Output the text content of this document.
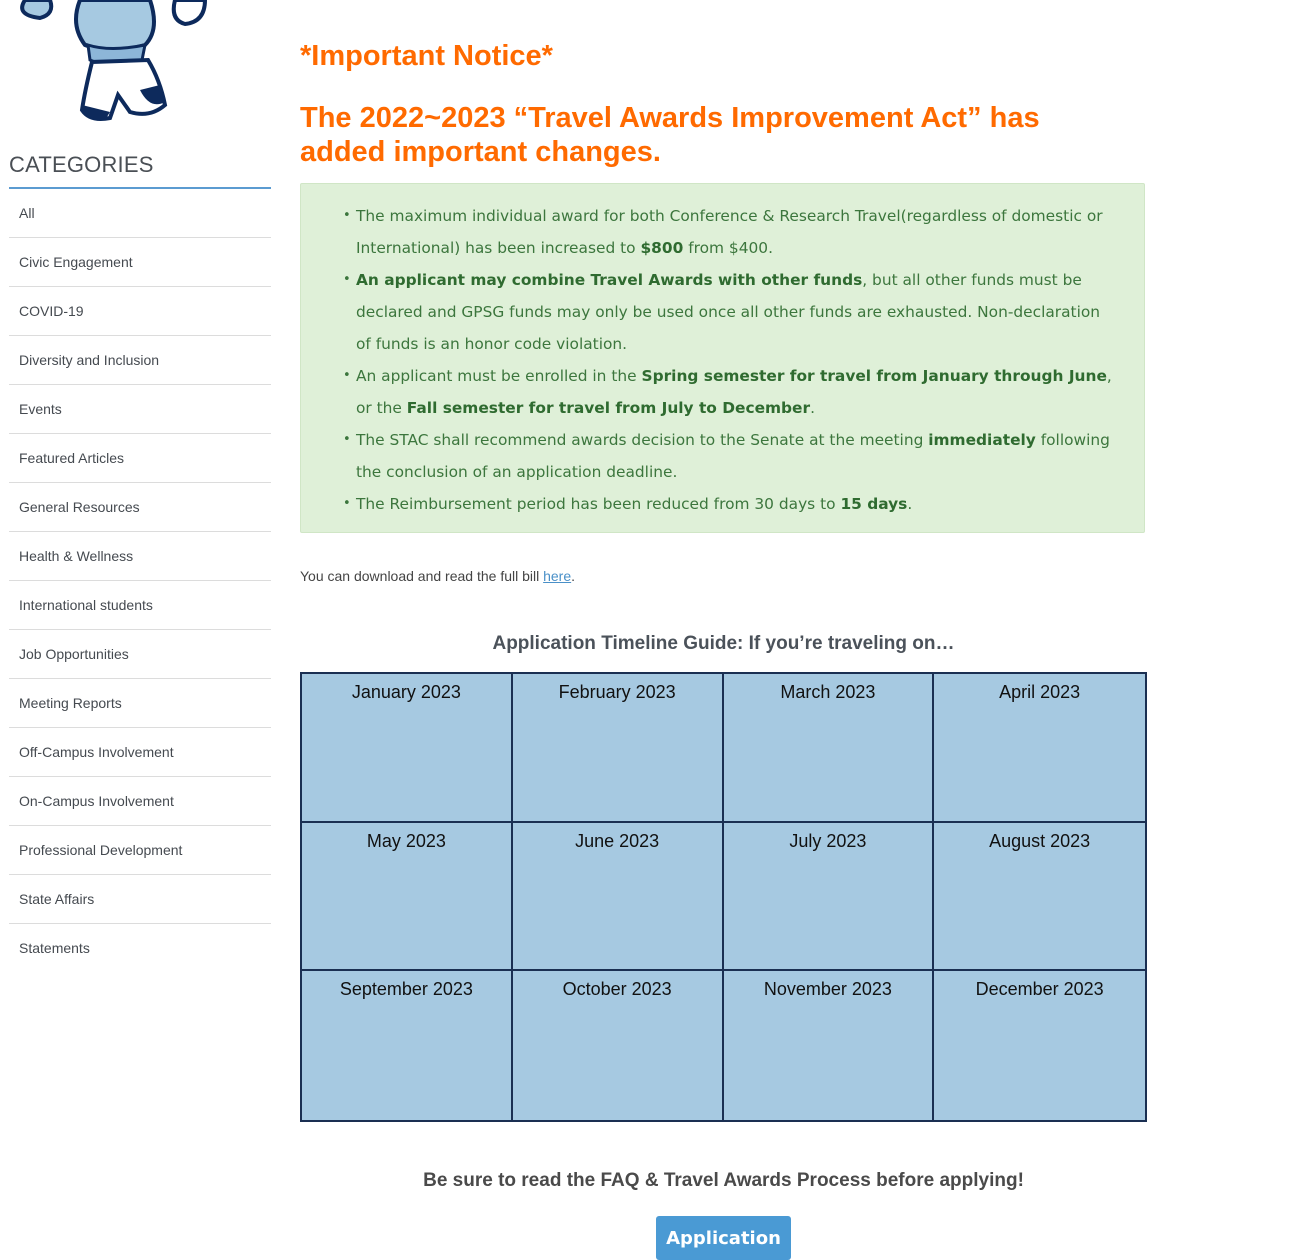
CATEGORIES
All
Civic Engagement
COVID-19
Diversity and Inclusion
Events
Featured Articles
General Resources
Health & Wellness
International students
Job Opportunities
Meeting Reports
Off-Campus Involvement
On-Campus Involvement
Professional Development
State Affairs
Statements
*Important Notice*
The 2022~2023 “Travel Awards Improvement Act” has added important changes.
• The maximum individual award for both Conference & Research Travel(regardless of domestic or International) has been increased to $800 from $400.
• An applicant may combine Travel Awards with other funds, but all other funds must be declared and GPSG funds may only be used once all other funds are exhausted. Non-declaration of funds is an honor code violation.
• An applicant must be enrolled in the Spring semester for travel from January through June, or the Fall semester for travel from July to December.
• The STAC shall recommend awards decision to the Senate at the meeting immediately following the conclusion of an application deadline.
• The Reimbursement period has been reduced from 30 days to 15 days.
You can download and read the full bill here.
Application Timeline Guide: If you’re traveling on…
January 2023	February 2023	March 2023	April 2023
May 2023	June 2023	July 2023	August 2023
September 2023	October 2023	November 2023	December 2023
Be sure to read the FAQ & Travel Awards Process before applying!
Application
